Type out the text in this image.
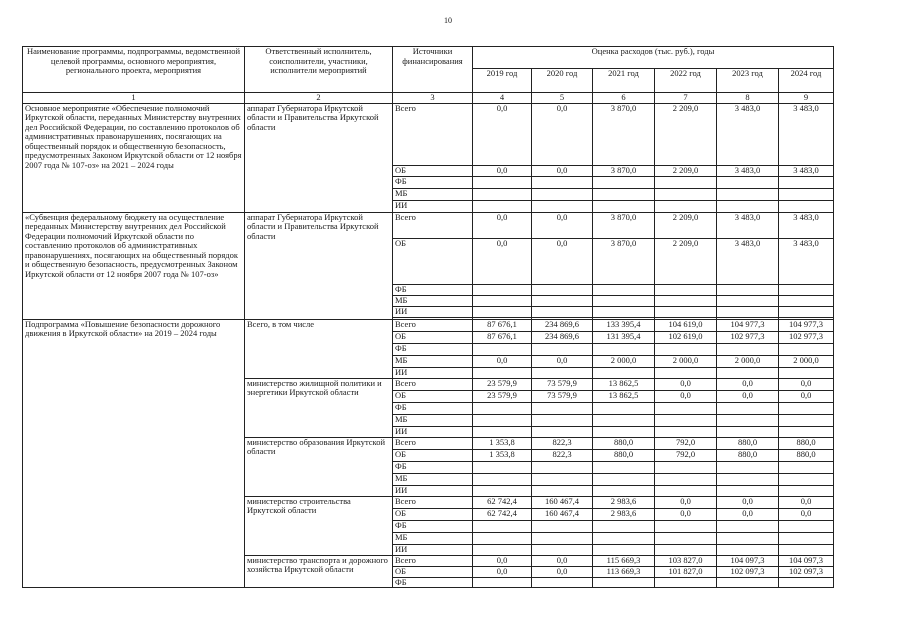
10
Наименование программы, подпрограммы, ведомственной целевой программы, основного мероприятия, регионального проекта, мероприятия	Ответственный исполнитель, соисполнители, участники, исполнители мероприятий	Источники финансирования	Оценка расходов (тыс. руб.), годы					
			2019 год	2020 год	2021 год	2022 год	2023 год	2024 год
1	2	3	4	5	6	7	8	9
Основное мероприятие «Обеспечение полномочий Иркутской области, переданных Министерству внутренних дел Российской Федерации, по составлению протоколов об административных правонарушениях, посягающих на общественный порядок и общественную безопасность, предусмотренных Законом Иркутской области от 12 ноября 2007 года № 107-оз» на 2021 – 2024 годы	аппарат Губернатора Иркутской области и Правительства Иркутской области	Всего	0,0	0,0	3 870,0	2 209,0	3 483,0	3 483,0
		ОБ	0,0	0,0	3 870,0	2 209,0	3 483,0	3 483,0
		ФБ						
		МБ						
		ИИ						
«Субвенция федеральному бюджету на осуществление переданных Министерству внутренних дел Российской Федерации полномочий Иркутской области по составлению протоколов об административных правонарушениях, посягающих на общественный порядок и общественную безопасность, предусмотренных Законом Иркутской области от 12 ноября 2007 года № 107-оз»	аппарат Губернатора Иркутской области и Правительства Иркутской области	Всего	0,0	0,0	3 870,0	2 209,0	3 483,0	3 483,0
		ОБ	0,0	0,0	3 870,0	2 209,0	3 483,0	3 483,0
		ФБ						
		МБ						
		ИИ						

Подпрограмма «Повышение безопасности дорожного движения в Иркутской области» на 2019 – 2024 годы	Всего, в том числе	Всего	87 676,1	234 869,6	133 395,4	104 619,0	104 977,3	104 977,3
		ОБ	87 676,1	234 869,6	131 395,4	102 619,0	102 977,3	102 977,3
		ФБ						
		МБ	0,0	0,0	2 000,0	2 000,0	2 000,0	2 000,0
		ИИ						
	министерство жилищной политики и энергетики Иркутской области	Всего	23 579,9	73 579,9	13 862,5	0,0	0,0	0,0
		ОБ	23 579,9	73 579,9	13 862,5	0,0	0,0	0,0
		ФБ						
		МБ						
		ИИ						
	министерство образования Иркутской области	Всего	1 353,8	822,3	880,0	792,0	880,0	880,0
		ОБ	1 353,8	822,3	880,0	792,0	880,0	880,0
		ФБ						
		МБ						
		ИИ						
	министерство строительства Иркутской области	Всего	62 742,4	160 467,4	2 983,6	0,0	0,0	0,0
		ОБ	62 742,4	160 467,4	2 983,6	0,0	0,0	0,0
		ФБ						
		МБ						
		ИИ						
	министерство транспорта и дорожного хозяйства Иркутской области	Всего	0,0	0,0	115 669,3	103 827,0	104 097,3	104 097,3
		ОБ	0,0	0,0	113 669,3	101 827,0	102 097,3	102 097,3
		ФБ						
